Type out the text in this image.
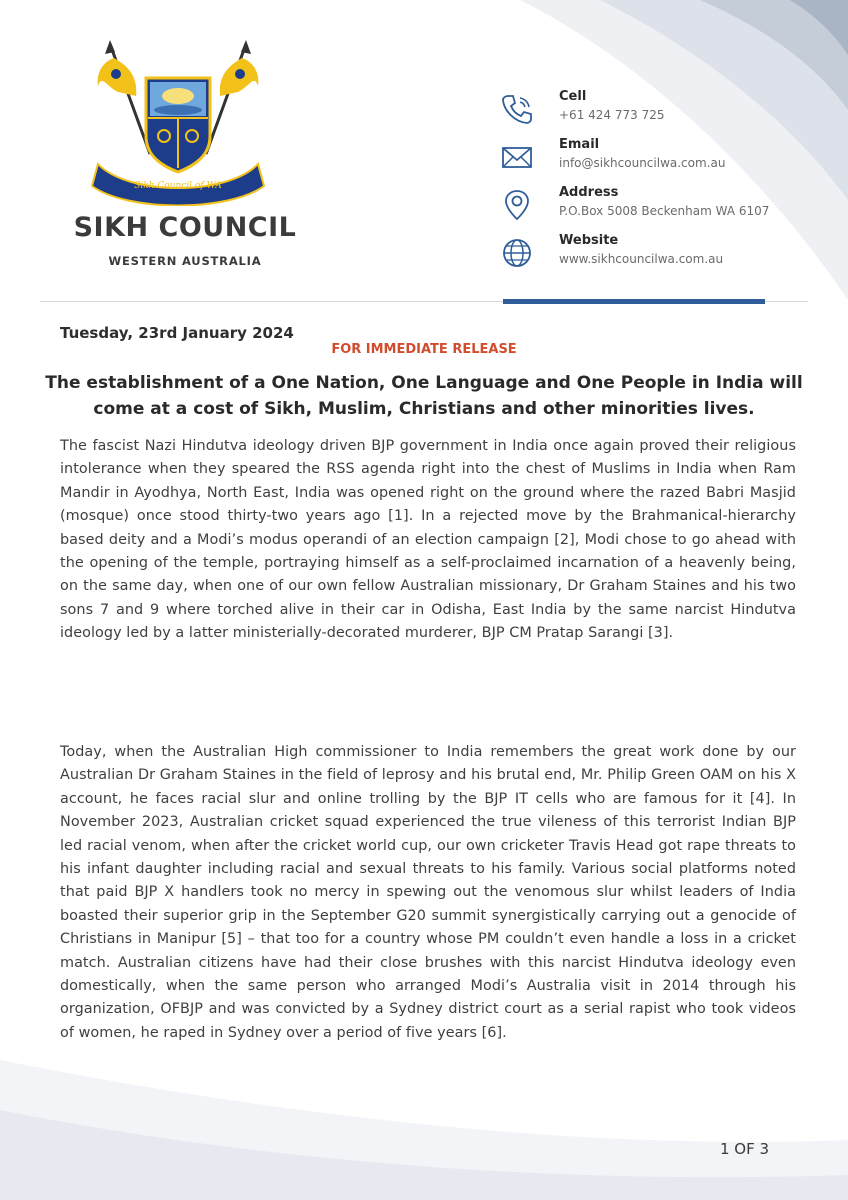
Sikh Council of WA
SIKH COUNCIL
WESTERN AUSTRALIA
Cell
+61 424 773 725
Email
info@sikhcouncilwa.com.au
Address
P.O.Box 5008 Beckenham WA 6107
Website
www.sikhcouncilwa.com.au
Tuesday, 23rd January 2024
FOR IMMEDIATE RELEASE
The establishment of a One Nation, One Language and One People in India will come at a cost of Sikh, Muslim, Christians and other minorities lives.
The fascist Nazi Hindutva ideology driven BJP government in India once again proved their religious intolerance when they speared the RSS agenda right into the chest of Muslims in India when Ram Mandir in Ayodhya, North East, India was opened right on the ground where the razed Babri Masjid (mosque) once stood thirty-two years ago [1]. In a rejected move by the Brahmanical-hierarchy based deity and a Modi’s modus operandi of an election campaign [2], Modi chose to go ahead with the opening of the temple, portraying himself as a self-proclaimed incarnation of a heavenly being, on the same day, when one of our own fellow Australian missionary, Dr Graham Staines and his two sons 7 and 9 where torched alive in their car in Odisha, East India by the same narcist Hindutva ideology led by a latter ministerially-decorated murderer, BJP CM Pratap Sarangi [3].
Today, when the Australian High commissioner to India remembers the great work done by our Australian Dr Graham Staines in the field of leprosy and his brutal end, Mr. Philip Green OAM on his X account, he faces racial slur and online trolling by the BJP IT cells who are famous for it [4]. In November 2023, Australian cricket squad experienced the true vileness of this terrorist Indian BJP led racial venom, when after the cricket world cup, our own cricketer Travis Head got rape threats to his infant daughter including racial and sexual threats to his family. Various social platforms noted that paid BJP X handlers took no mercy in spewing out the venomous slur whilst leaders of India boasted their superior grip in the September G20 summit synergistically carrying out a genocide of Christians in Manipur [5] – that too for a country whose PM couldn’t even handle a loss in a cricket match. Australian citizens have had their close brushes with this narcist Hindutva ideology even domestically, when the same person who arranged Modi’s Australia visit in 2014 through his organization, OFBJP and was convicted by a Sydney district court as a serial rapist who took videos of women, he raped in Sydney over a period of five years [6].
1 OF 3
